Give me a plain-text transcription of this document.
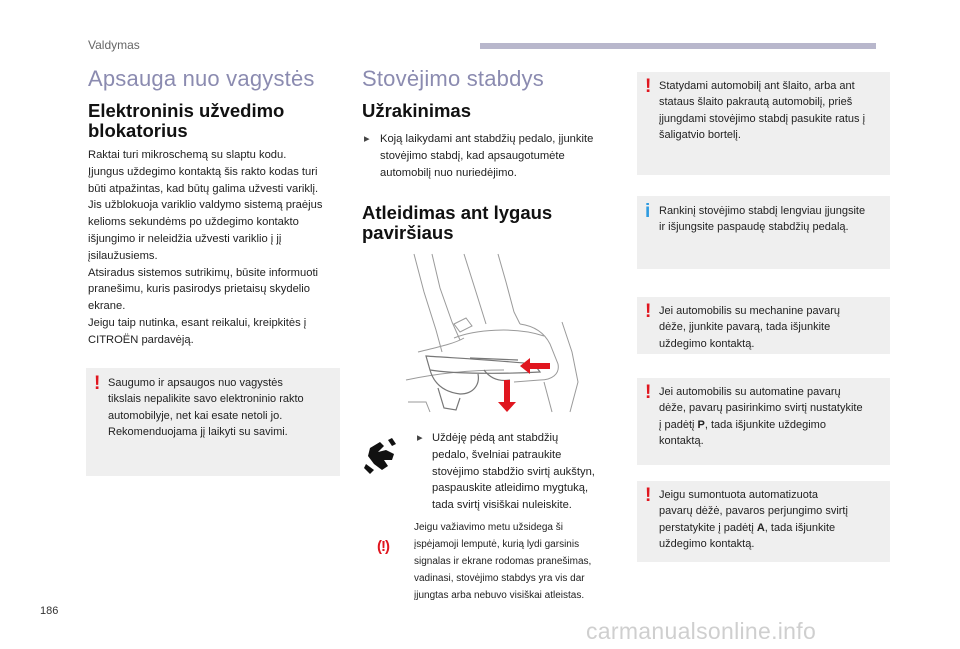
Valdymas
Apsauga nuo vagystės
Elektroninis užvedimo
blokatorius
Raktai turi mikroschemą su slaptu kodu.
Įjungus uždegimo kontaktą šis rakto kodas turi
būti atpažintas, kad būtų galima užvesti variklį.
Jis užblokuoja variklio valdymo sistemą praėjus
kelioms sekundėms po uždegimo kontakto
išjungimo ir neleidžia užvesti variklio į jį
įsilaužusiems.
Atsiradus sistemos sutrikimų, būsite informuoti
pranešimu, kuris pasirodys prietaisų skydelio
ekrane.
Jeigu taip nutinka, esant reikalui, kreipkitės į
CITROËN pardavėją.
! Saugumo ir apsaugos nuo vagystės
tikslais nepalikite savo elektroninio rakto
automobilyje, net kai esate netoli jo.
Rekomenduojama jį laikyti su savimi.
Stovėjimo stabdys
Užrakinimas
▸ Koją laikydami ant stabdžių pedalo, įjunkite
stovėjimo stabdį, kad apsaugotumėte
automobilį nuo nuriedėjimo.
Atleidimas ant lygaus
paviršiaus
▸ Uždėję pėdą ant stabdžių
pedalo, švelniai patraukite
stovėjimo stabdžio svirtį aukštyn,
paspauskite atleidimo mygtuką,
tada svirtį visiškai nuleiskite.
(!)
Jeigu važiavimo metu užsidega ši
įspėjamoji lemputė, kurią lydi garsinis
signalas ir ekrane rodomas pranešimas,
vadinasi, stovėjimo stabdys yra vis dar
įjungtas arba nebuvo visiškai atleistas.
! Statydami automobilį ant šlaito, arba ant
stataus šlaito pakrautą automobilį, prieš
įjungdami stovėjimo stabdį pasukite ratus į
šaligatvio bortelį.
i Rankinį stovėjimo stabdį lengviau įjungsite
ir išjungsite paspaudę stabdžių pedalą.
! Jei automobilis su mechanine pavarų
dėže, įjunkite pavarą, tada išjunkite
uždegimo kontaktą.
! Jei automobilis su automatine pavarų
dėže, pavarų pasirinkimo svirtį nustatykite
į padėtį P, tada išjunkite uždegimo
kontaktą.
! Jeigu sumontuota automatizuota
pavarų dėžė, pavaros perjungimo svirtį
perstatykite į padėtį A, tada išjunkite
uždegimo kontaktą.
186
carmanualsonline.info
